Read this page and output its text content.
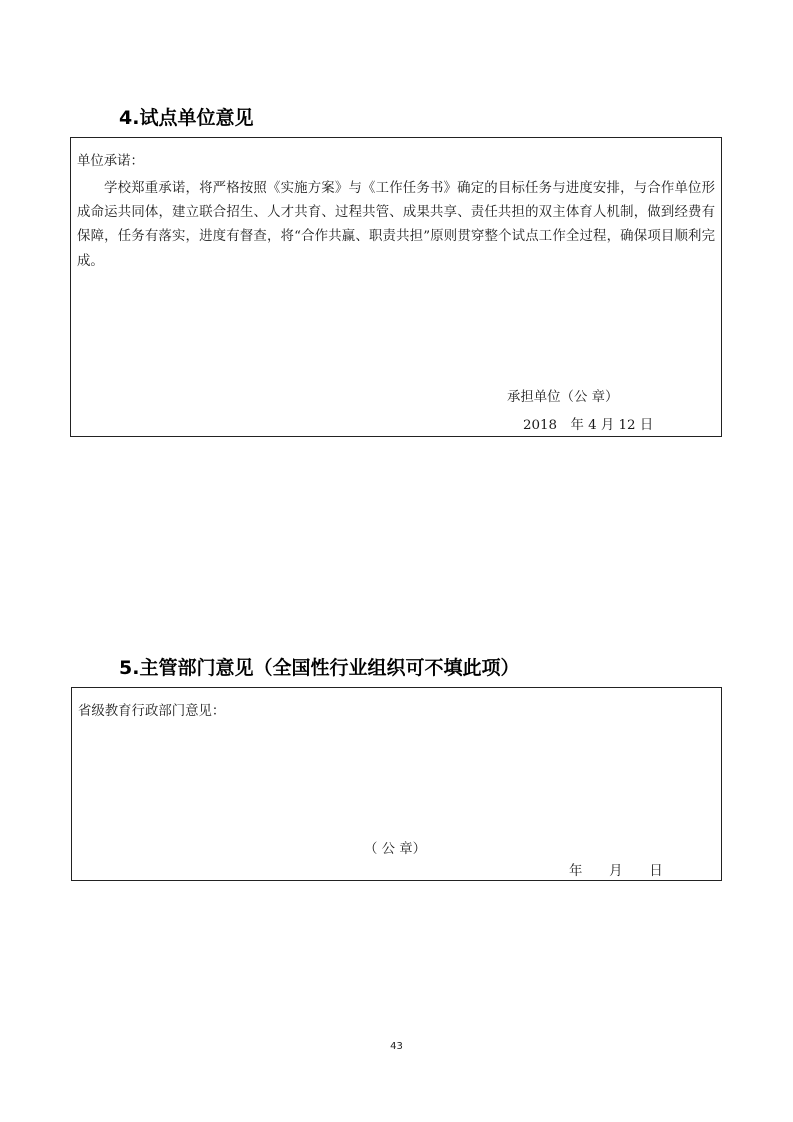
4.试点单位意见
单位承诺：
学校郑重承诺，将严格按照《实施方案》与《工作任务书》确定的目标任务与进度安排，与合作单位形成命运共同体，建立联合招生、人才共育、过程共管、成果共享、责任共担的双主体育人机制，做到经费有保障，任务有落实，进度有督查，将“合作共赢、职责共担”原则贯穿整个试点工作全过程，确保项目顺利完成。
承担单位（公 章）
2018　年 4 月 12 日
5.主管部门意见（全国性行业组织可不填此项）
省级教育行政部门意见：
（ 公 章）
年　　月　　日
43
